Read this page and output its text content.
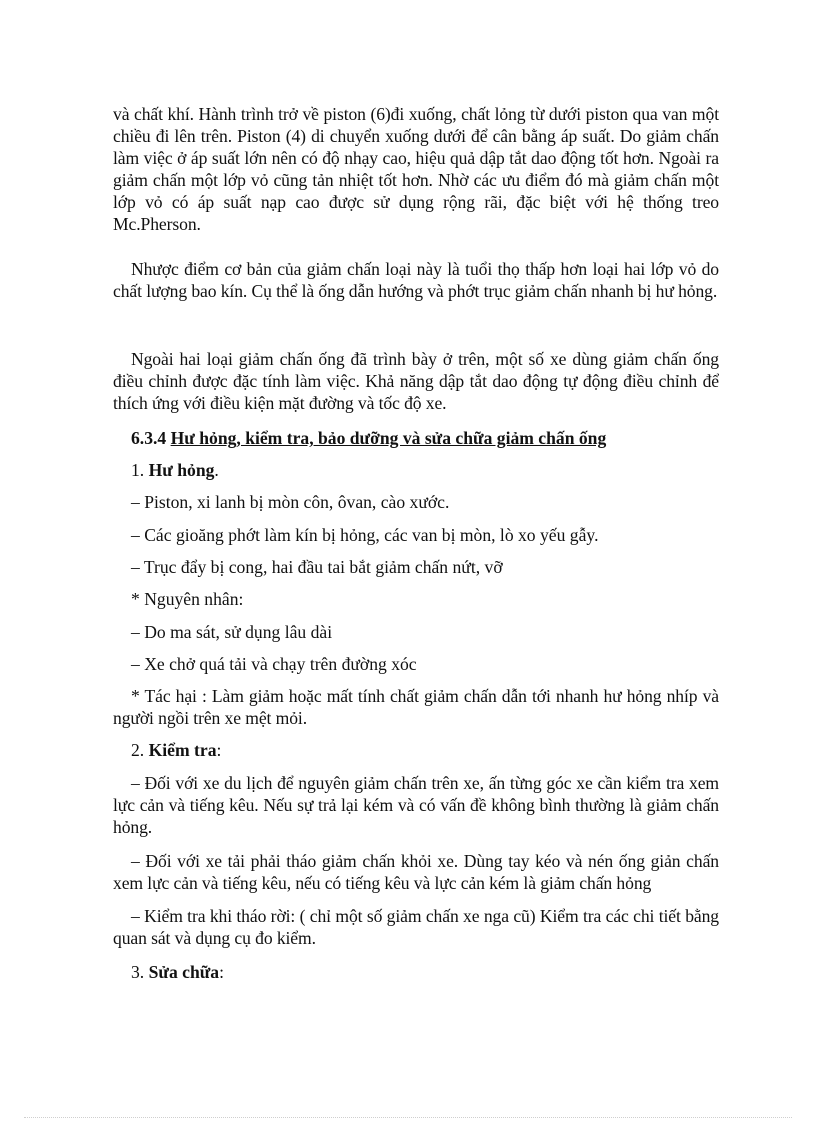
và chất khí. Hành trình trở về piston (6)đi xuống, chất lỏng từ dưới piston qua van một chiều đi lên trên. Piston (4) di chuyển xuống dưới để cân bằng áp suất. Do giảm chấn làm việc ở áp suất lớn nên có độ nhạy cao, hiệu quả dập tắt dao động tốt hơn. Ngoài ra giảm chấn một lớp vỏ cũng tản nhiệt tốt hơn. Nhờ các ưu điểm đó mà giảm chấn một lớp vỏ có áp suất nạp cao được sử dụng rộng rãi, đặc biệt với hệ thống treo Mc.Pherson.

Nhược điểm cơ bản của giảm chấn loại này là tuổi thọ thấp hơn loại hai lớp vỏ do chất lượng bao kín. Cụ thể là ống dẫn hướng và phớt trục giảm chấn nhanh bị hư hỏng.

Ngoài hai loại giảm chấn ống đã trình bày ở trên, một số xe dùng giảm chấn ống điều chỉnh được đặc tính làm việc. Khả năng dập tắt dao động tự động điều chỉnh để thích ứng với điều kiện mặt đường và tốc độ xe.

6.3.4 Hư hỏng, kiểm tra, bảo dưỡng và sửa chữa giảm chấn ống
1. Hư hỏng.
– Piston, xi lanh bị mòn côn, ôvan, cào xước.
– Các gioăng phớt làm kín bị hỏng, các van bị mòn, lò xo yếu gẫy.
– Trục đẩy bị cong, hai đầu tai bắt giảm chấn nứt, vỡ
* Nguyên nhân:
– Do ma sát, sử dụng lâu dài
– Xe chở quá tải và chạy trên đường xóc

* Tác hại : Làm giảm hoặc mất tính chất giảm chấn dẫn tới nhanh hư hỏng nhíp và người ngồi trên xe mệt mỏi.

2. Kiểm tra:

– Đối với xe du lịch để nguyên giảm chấn trên xe, ấn từng góc xe cần kiểm tra xem lực cản và tiếng kêu. Nếu sự trả lại kém và có vấn đề không bình thường là giảm chấn hỏng.

– Đối với xe tải phải tháo giảm chấn khỏi xe. Dùng tay kéo và nén ống giản chấn xem lực cản và tiếng kêu, nếu có tiếng kêu và lực cản kém là giảm chấn hỏng

– Kiểm tra khi tháo rời: ( chỉ một số giảm chấn xe nga cũ) Kiểm tra các chi tiết bằng quan sát và dụng cụ đo kiểm.

3. Sửa chữa:
